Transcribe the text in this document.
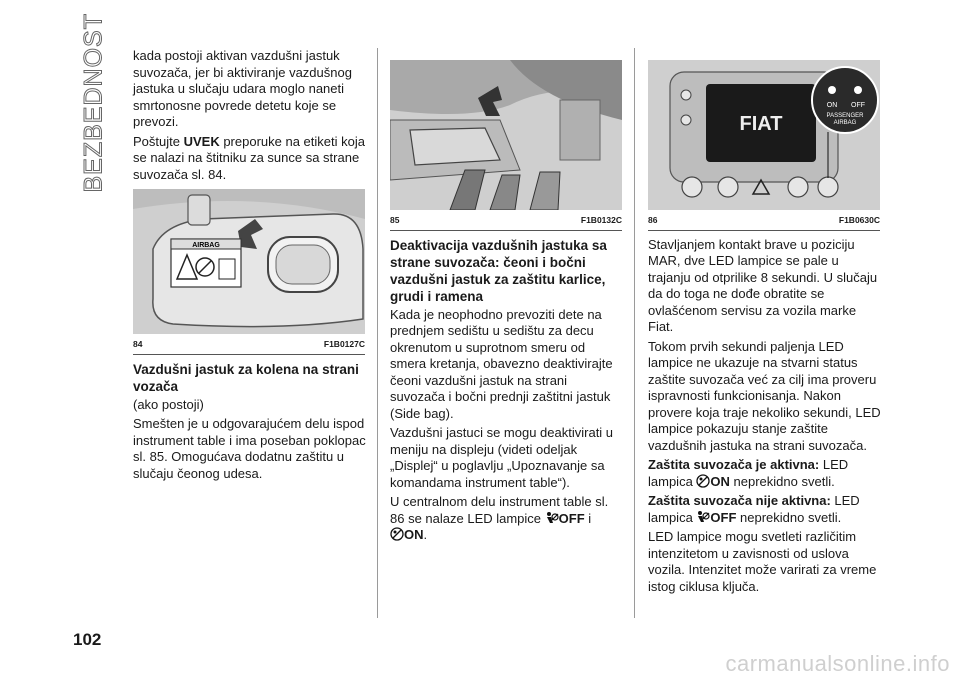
BEZBEDNOST kada postoji aktivan vazdušni jastuk suvozača, jer bi aktiviranje vazdušnog jastuka u slučaju udara moglo naneti smrtonosne povrede detetu koje se prevozi.

Poštujte UVEK preporuke na etiketi koja se nalazi na štitniku za sunce sa strane suvozača sl. 84.

AIRBAG
84	F1B0127C
Vazdušni jastuk za kolena na strani vozača

(ako postoji)

Smešten je u odgovarajućem delu ispod instrument table i ima poseban poklopac sl. 85. Omogućava dodatnu zaštitu u slučaju čeonog udesa.

85	F1B0132C
Deaktivacija vazdušnih jastuka sa strane suvozača: čeoni i bočni vazdušni jastuk za zaštitu karlice, grudi i ramena

Kada je neophodno prevoziti dete na prednjem sedištu u sedištu za decu okrenutom u suprotnom smeru od smera kretanja, obavezno deaktivirajte čeoni vazdušni jastuk na strani suvozača i bočni prednji zaštitni jastuk (Side bag).

Vazdušni jastuci se mogu deaktivirati u meniju na displeju (videti odeljak „Displej“ u poglavlju „Upoznavanje sa komandama instrument table“).

U centralnom delu instrument table sl. 86 se nalaze LED lampice OFF i
ON.

FIAT
ON OFF
PASSENGER
AIRBAG
86	F1B0630C

Stavljanjem kontakt brave u poziciju MAR, dve LED lampice se pale u trajanju od otprilike 8 sekundi. U slučaju da do toga ne dođe obratite se ovlašćenom servisu za vozila marke Fiat.

Tokom prvih sekundi paljenja LED lampice ne ukazuje na stvarni status zaštite suvozača već za cilj ima proveru ispravnosti funkcionisanja. Nakon provere koja traje nekoliko sekundi, LED lampice pokazuju stanje zaštite vazdušnih jastuka na strani suvozača.

Zaštita suvozača je aktivna: LED lampica ON neprekidno svetli.

Zaštita suvozača nije aktivna: LED lampica OFF neprekidno svetli.

LED lampice mogu svetleti različitim intenzitetom u zavisnosti od uslova vozila. Intenzitet može varirati za vreme istog ciklusa ključa.

102
carmanualsonline.info
